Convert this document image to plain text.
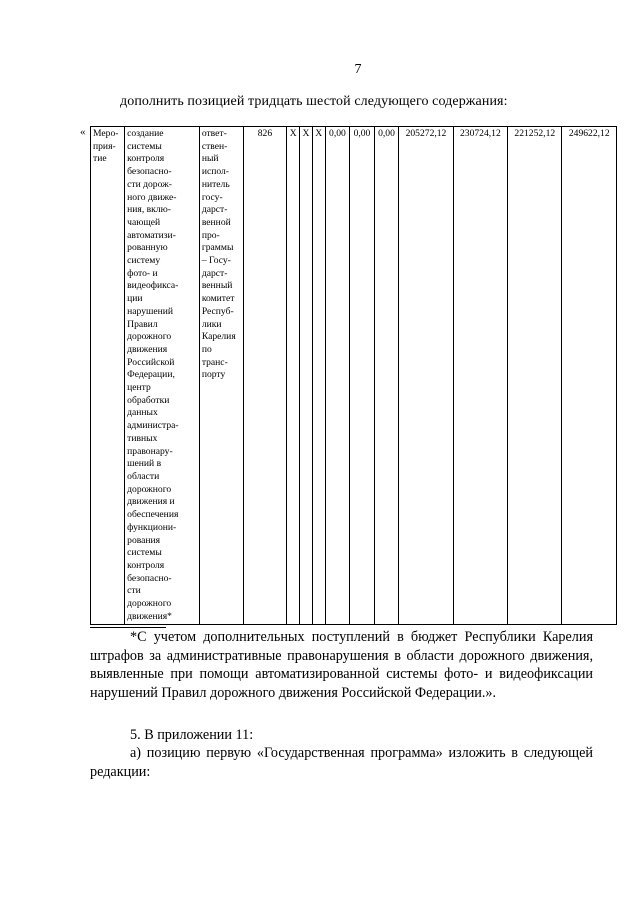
7
дополнить позицией тридцать шестой следующего содержания:
« Меро-
прия-
тие	создание
системы
контроля
безопасно-
сти дорож-
ного движе-
ния, вклю-
чающей
автоматизи-
рованную
систему
фото- и
видеофикса-
ции
нарушений
Правил
дорожного
движения
Российской
Федерации,
центр
обработки
данных
администра-
тивных
правонару-
шений в
области
дорожного
движения и
обеспечения
функциони-
рования
системы
контроля
безопасно-
сти
дорожного
движения*	ответ-
ствен-
ный
испол-
нитель
госу-
дарст-
венной
про-
граммы
– Госу-
дарст-
венный
комитет
Респуб-
лики
Карелия
по
транс-
порту	826	X	X	X	0,00	0,00	0,00	205272,12	230724,12	221252,12	249622,12
*С учетом дополнительных поступлений в бюджет Республики Карелия штрафов за административные правонарушения в области дорожного движения, выявленные при помощи автоматизированной системы фото- и видеофиксации нарушений Правил дорожного движения Российской Федерации.».
5. В приложении 11:
а) позицию первую «Государственная программа» изложить в следующей редакции:
